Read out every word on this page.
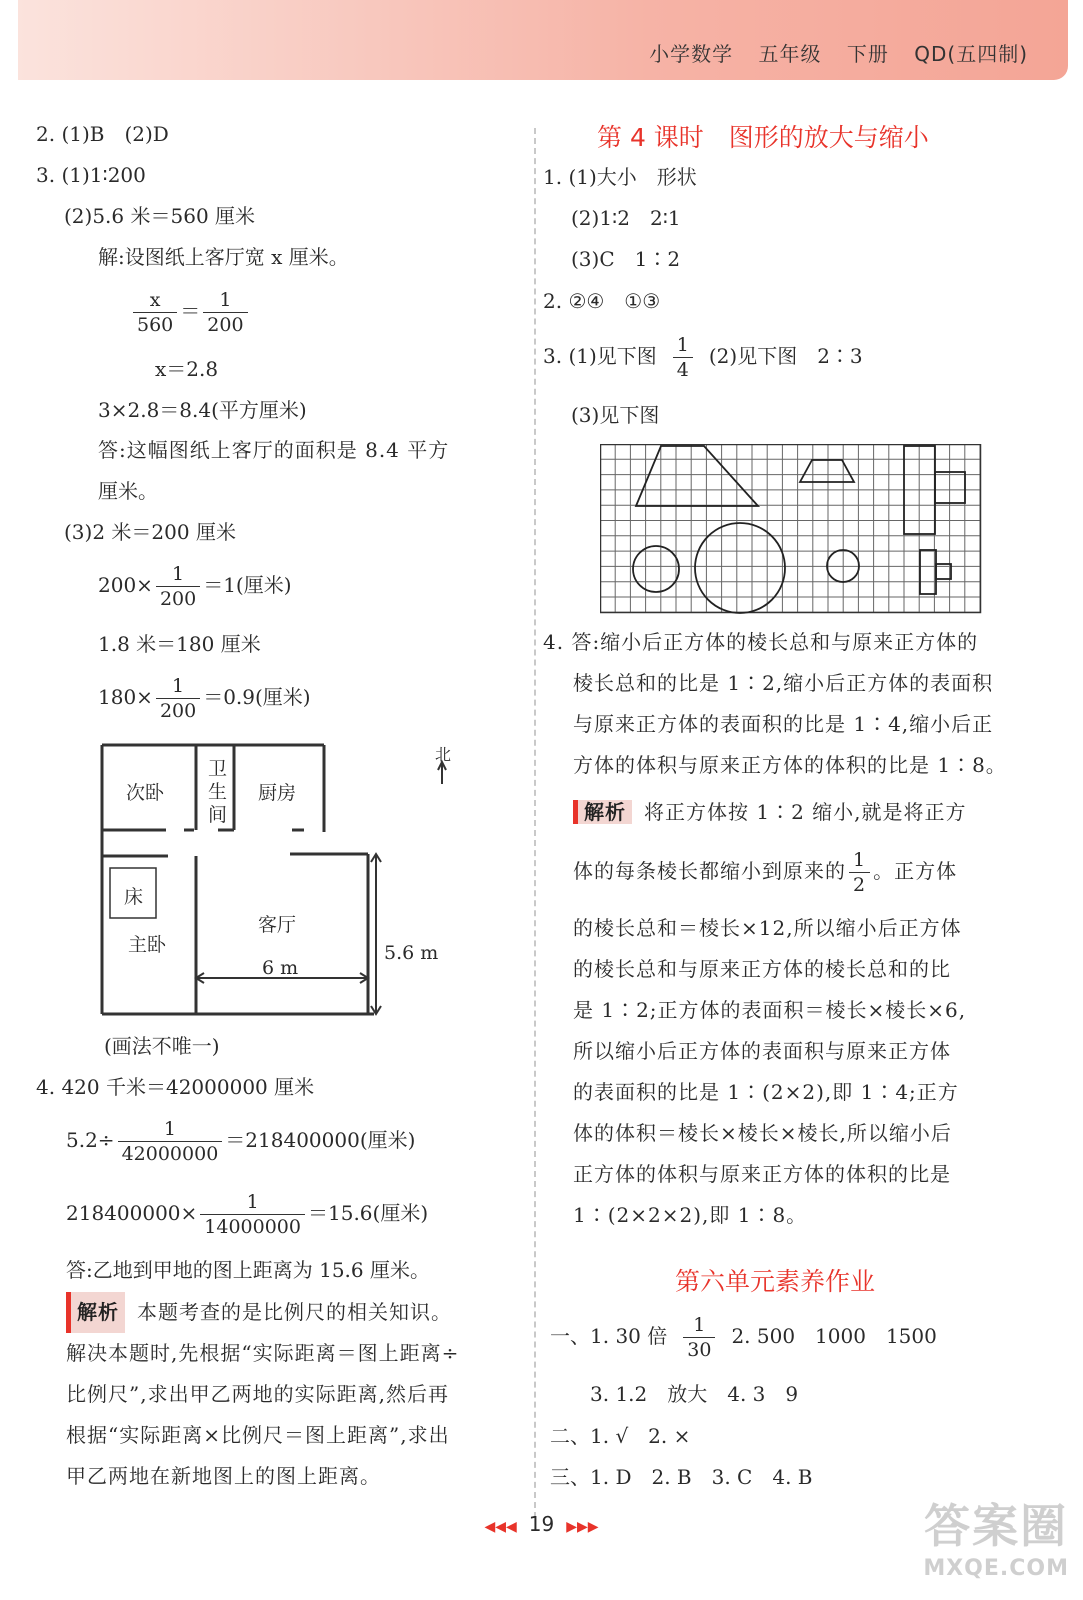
小学数学 五年级 下册 QD(五四制)
2. (1)B　(2)D
3. (1)1∶200
(2)5.6 米＝560 厘米
解:设图纸上客厅宽 x 厘米。
$\frac{x}{560} = \frac{1}{200}$
x＝2.8
3×2.8＝8.4(平方厘米)
答:这幅图纸上客厅的面积是 8.4 平方
厘米。
(3)2 米＝200 厘米
$200\times \frac{1}{200} =1$(厘米)
1.8 米＝180 厘米
$180\times \frac{1}{200} =0.9$(厘米)
北
次卧
卫
生
间
厨房
床
主卧
客厅
6 m
5.6 m
(画法不唯一)
4. 420 千米＝42000000 厘米
$5.2\div \frac{1}{42000000} =218400000$(厘米)
$218400000\times \frac{1}{14000000} =15.6$(厘米)
答:乙地到甲地的图上距离为 15.6 厘米。
解析 本题考查的是比例尺的相关知识。
解决本题时,先根据“实际距离＝图上距离÷
比例尺”,求出甲乙两地的实际距离,然后再
根据“实际距离×比例尺＝图上距离”,求出
甲乙两地在新地图上的图上距离。
第 4 课时　图形的放大与缩小
1. (1)大小　形状
(2)1∶2　2∶1
(3)C　1∶2
2. ②④　①③
3. (1)见下图 $\frac{1}{4} (2)$见下图　2∶3
(3)见下图
4. 答:缩小后正方体的棱长总和与原来正方体的
棱长总和的比是 1∶2,缩小后正方体的表面积
与原来正方体的表面积的比是 1∶4,缩小后正
方体的体积与原来正方体的体积的比是 1∶8。
解析 将正方体按 1∶2 缩小,就是将正方
体的每条棱长都缩小到原来的 $\frac{1}{2}$ 。正方体
的棱长总和＝棱长×12,所以缩小后正方体
的棱长总和与原来正方体的棱长总和的比
是 1∶2;正方体的表面积＝棱长×棱长×6,
所以缩小后正方体的表面积与原来正方体
的表面积的比是 1∶(2×2),即 1∶4;正方
体的体积＝棱长×棱长×棱长,所以缩小后
正方体的体积与原来正方体的体积的比是
1∶(2×2×2),即 1∶8。
第六单元素养作业
一、1. 30 倍 $\frac{1}{30} 2$. 500　1000　1500
3. 1.2　放大　4. 3　9
二、1. √　2. ×
三、1. D　2. B　3. C　4. B
◀◀◀ 19 ▶▶▶	答案圈
MXQE.COM
